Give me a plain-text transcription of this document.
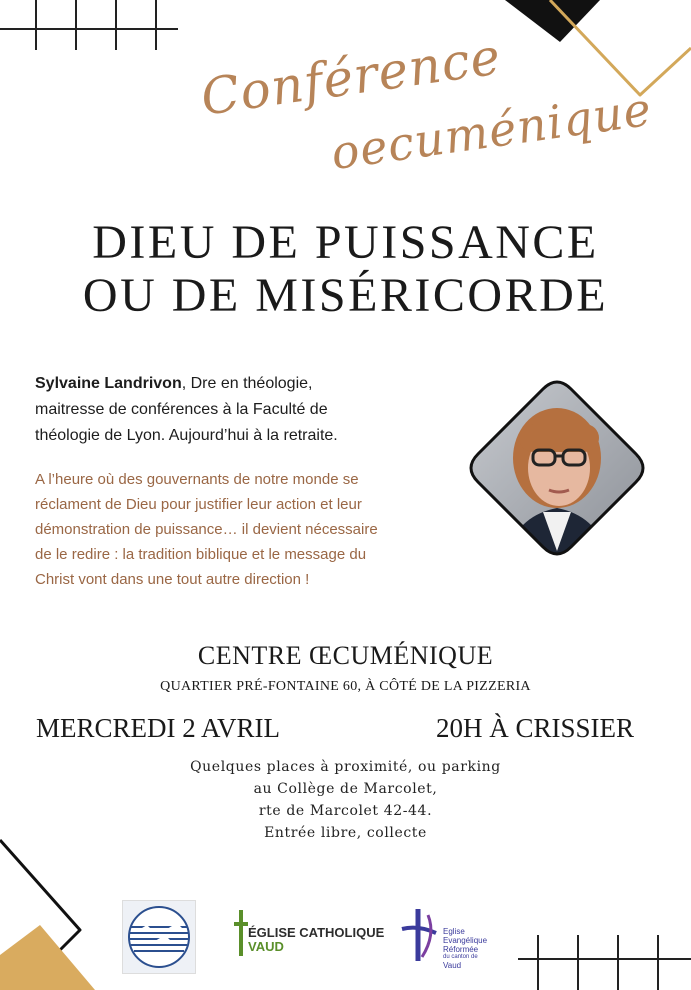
Conférence
oecuménique
DIEU DE PUISSANCE
OU DE MISÉRICORDE
Sylvaine Landrivon, Dre en théologie,
maitresse de conférences à la Faculté de
théologie de Lyon. Aujourd’hui à la retraite.
A l’heure où des gouvernants de notre monde se
réclament de Dieu pour justifier leur action et leur
démonstration de puissance… il devient nécessaire
de le redire : la tradition biblique et le message du
Christ vont dans une tout autre direction !
CENTRE ŒCUMÉNIQUE
QUARTIER PRÉ-FONTAINE 60, À CÔTÉ DE LA PIZZERIA
MERCREDI 2 AVRIL	20H À CRISSIER
Quelques places à proximité, ou parking
au Collège de Marcolet,
rte de Marcolet 42-44.
Entrée libre, collecte
ÉGLISE CATHOLIQUE
VAUD
Eglise
Evangélique
Réformée
du canton de
Vaud
